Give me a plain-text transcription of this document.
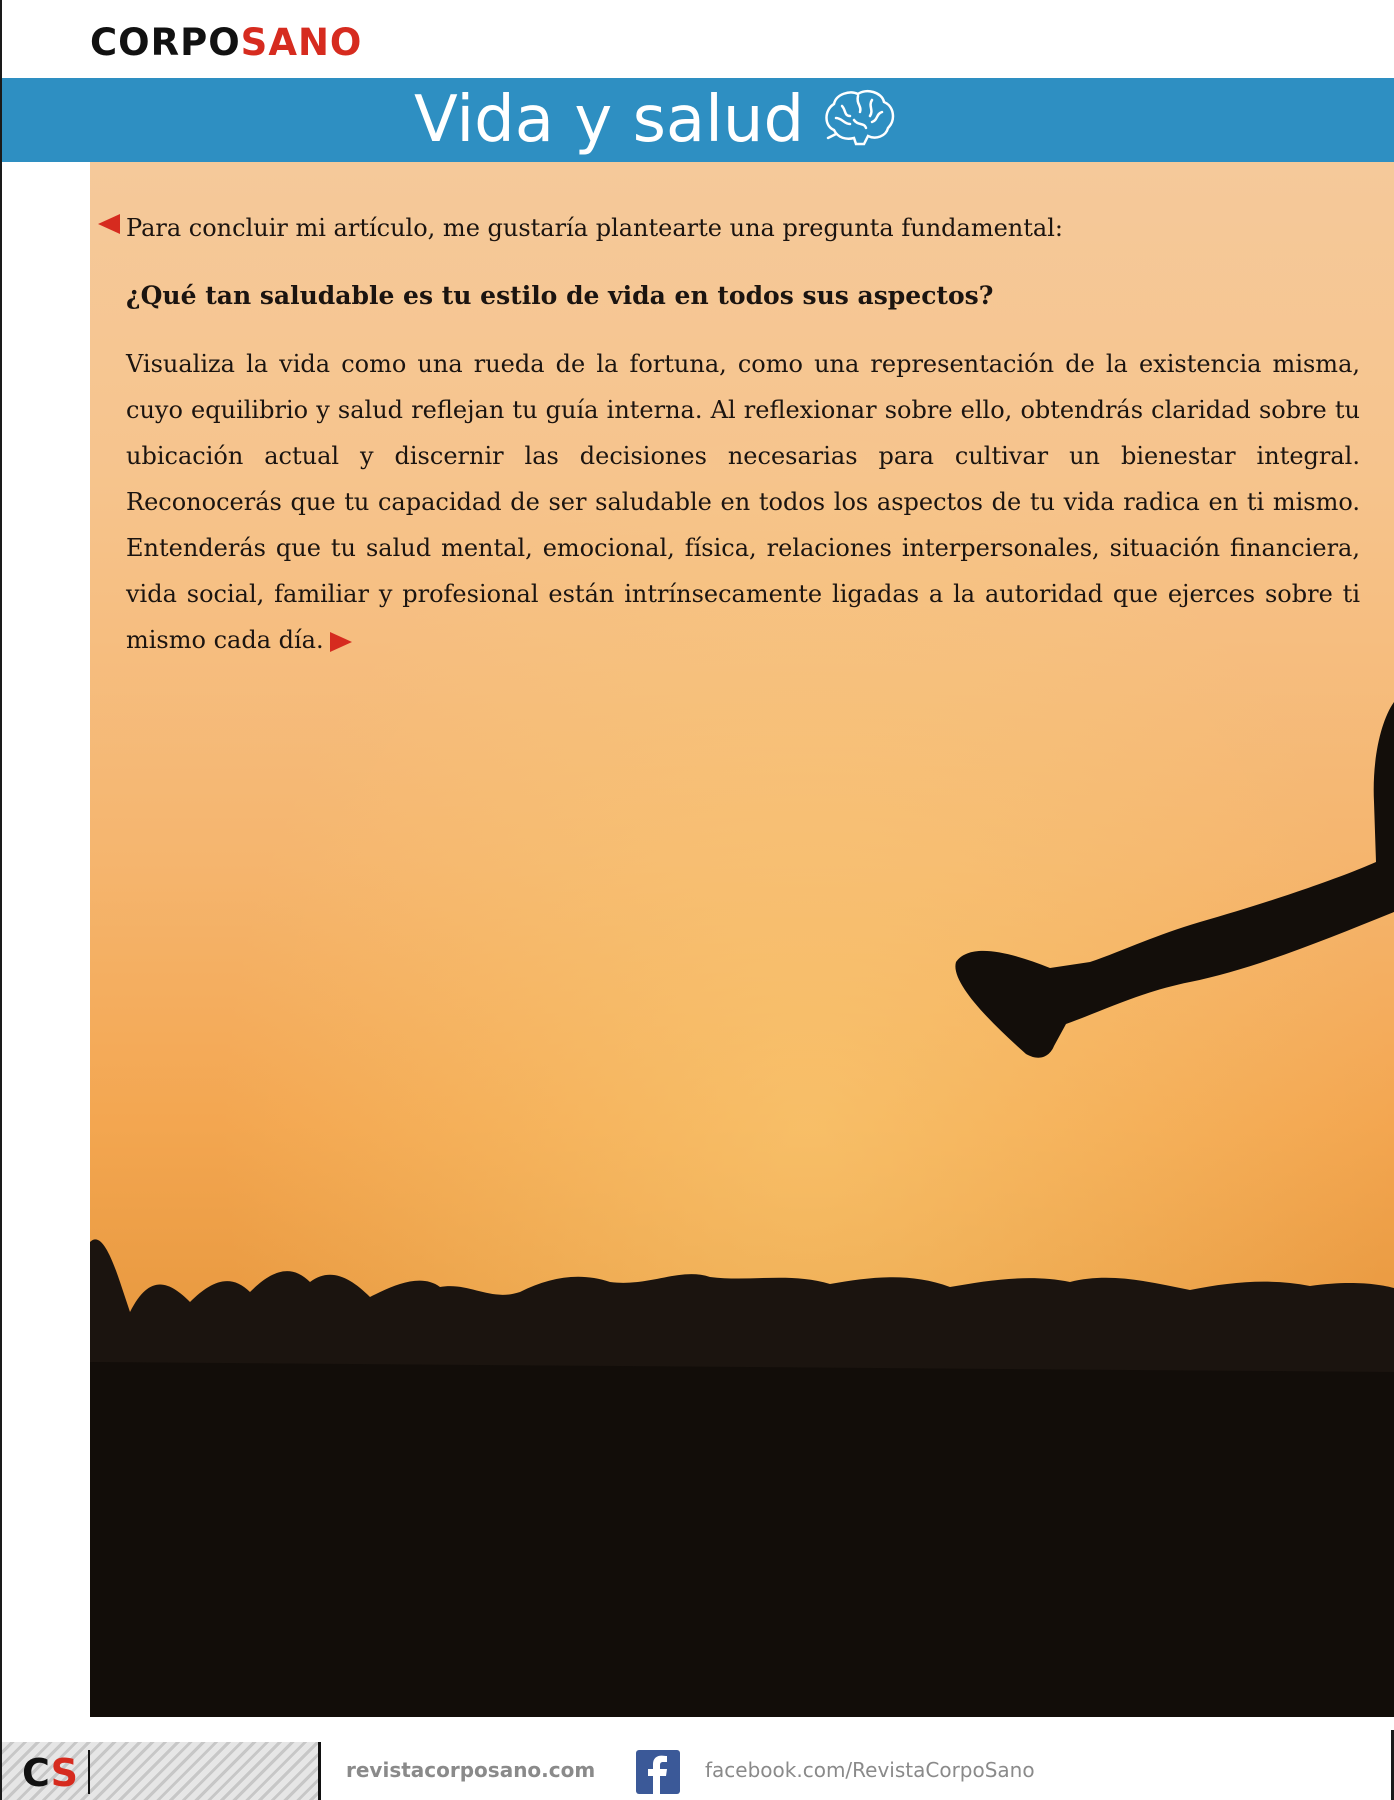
CORPOSANO
Vida y salud

Para concluir mi artículo, me gustaría plantearte una pregunta fundamental:

¿Qué tan saludable es tu estilo de vida en todos sus aspectos?

Visualiza la vida como una rueda de la fortuna, como una representación de la existencia misma, cuyo equilibrio y salud reflejan tu guía interna. Al reflexionar sobre ello, obtendrás claridad sobre tu ubicación actual y discernir las decisiones necesarias para cultivar un bienestar integral. Reconocerás que tu capacidad de ser saludable en todos los aspectos de tu vida radica en ti mismo. Entenderás que tu salud mental, emocional, física, relaciones interpersonales, situación financiera, vida social, familiar y profesional están intrínsecamente ligadas a la autoridad que ejerces sobre ti mismo cada día.

CS	revistacorposano.com	facebook.com/RevistaCorpoSano
